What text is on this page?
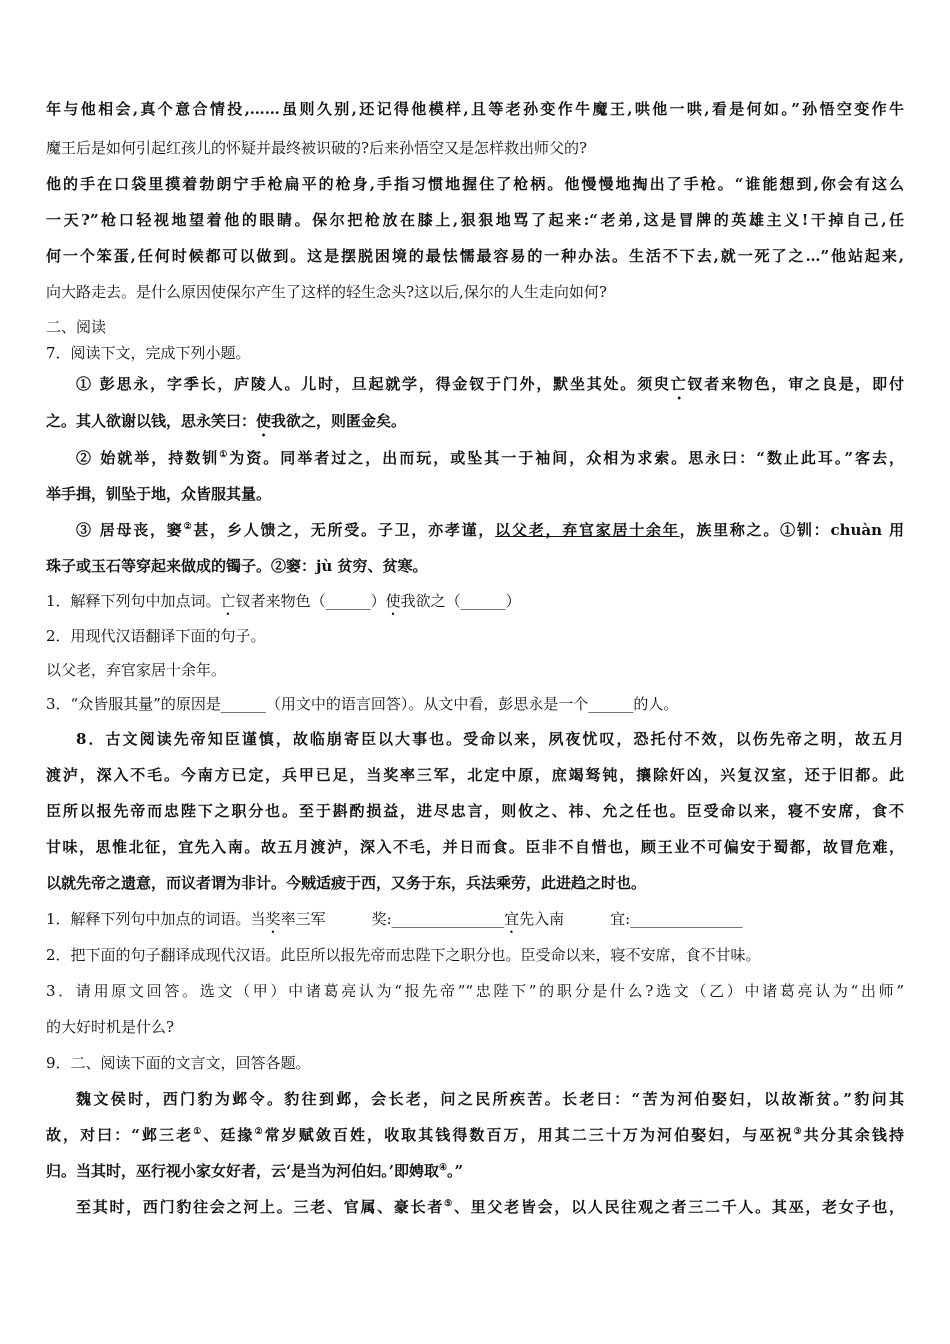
年与他相会,真个意合情投,……虽则久别,还记得他模样,且等老孙变作牛魔王,哄他一哄,看是何如。”孙悟空变作牛

魔王后是如何引起红孩儿的怀疑并最终被识破的?后来孙悟空又是怎样救出师父的?

他的手在口袋里摸着勃朗宁手枪扁平的枪身,手指习惯地握住了枪柄。他慢慢地掏出了手枪。“谁能想到,你会有这么

一天?”枪口轻视地望着他的眼睛。保尔把枪放在膝上,狠狠地骂了起来:“老弟,这是冒牌的英雄主义!干掉自己,任

何一个笨蛋,任何时候都可以做到。这是摆脱困境的最怯懦最容易的一种办法。生活不下去,就一死了之…”他站起来,

向大路走去。是什么原因使保尔产生了这样的轻生念头?这以后,保尔的人生走向如何?

二、阅读

7．阅读下文，完成下列小题。

① 彭思永，字季长，庐陵人。儿时，旦起就学，得金钗于门外，默坐其处。须臾亡钗者来物色，审之良是，即付

之。其人欲谢以钱，思永笑曰：使我欲之，则匿金矣。

② 始就举，持数钏①为资。同举者过之，出而玩，或坠其一于袖间，众相为求索。思永曰：“数止此耳。”客去，

举手揖，钏坠于地，众皆服其量。

③ 居母丧，窭②甚，乡人馈之，无所受。子卫，亦孝谨，以父老，弃官家居十余年，族里称之。①钏：chuàn 用

珠子或玉石等穿起来做成的镯子。②窭：jù 贫穷、贫寒。

1．解释下列句中加点词。亡钗者来物色（______）使我欲之（______）

2．用现代汉语翻译下面的句子。

以父老，弃官家居十余年。

3．“众皆服其量”的原因是______（用文中的语言回答）。从文中看，彭思永是一个______的人。

8．古文阅读先帝知臣谨慎，故临崩寄臣以大事也。受命以来，夙夜忧叹，恐托付不效，以伤先帝之明，故五月

渡泸，深入不毛。今南方已定，兵甲已足，当奖率三军，北定中原，庶竭驽钝，攘除奸凶，兴复汉室，还于旧都。此

臣所以报先帝而忠陛下之职分也。至于斟酌损益，进尽忠言，则攸之、祎、允之任也。臣受命以来，寝不安席，食不

甘味，思惟北征，宜先入南。故五月渡泸，深入不毛，并日而食。臣非不自惜也，顾王业不可偏安于蜀都，故冒危难，

以就先帝之遗意，而议者谓为非计。今贼适疲于西，又务于东，兵法乘劳，此进趋之时也。

1．解释下列句中加点的词语。当奖率三军	奖:_______________宜先入南	宜:_______________

2．把下面的句子翻译成现代汉语。此臣所以报先帝而忠陛下之职分也。臣受命以来，寝不安席，食不甘味。

3．请用原文回答。选文（甲）中诸葛亮认为“报先帝”“忠陛下”的职分是什么?选文（乙）中诸葛亮认为“出师”

的大好时机是什么?

9．二、阅读下面的文言文，回答各题。

魏文侯时，西门豹为邺令。豹往到邺，会长老，问之民所疾苦。长老曰：“苦为河伯娶妇，以故渐贫。”豹问其

故，对曰：“邺三老①、廷掾②常岁赋敛百姓，收取其钱得数百万，用其二三十万为河伯娶妇，与巫祝③共分其余钱持

归。当其时，巫行视小家女好者，云‘是当为河伯妇。’即娉取④。”

至其时，西门豹往会之河上。三老、官属、豪长者⑤、里父老皆会，以人民往观之者三二千人。其巫，老女子也，
